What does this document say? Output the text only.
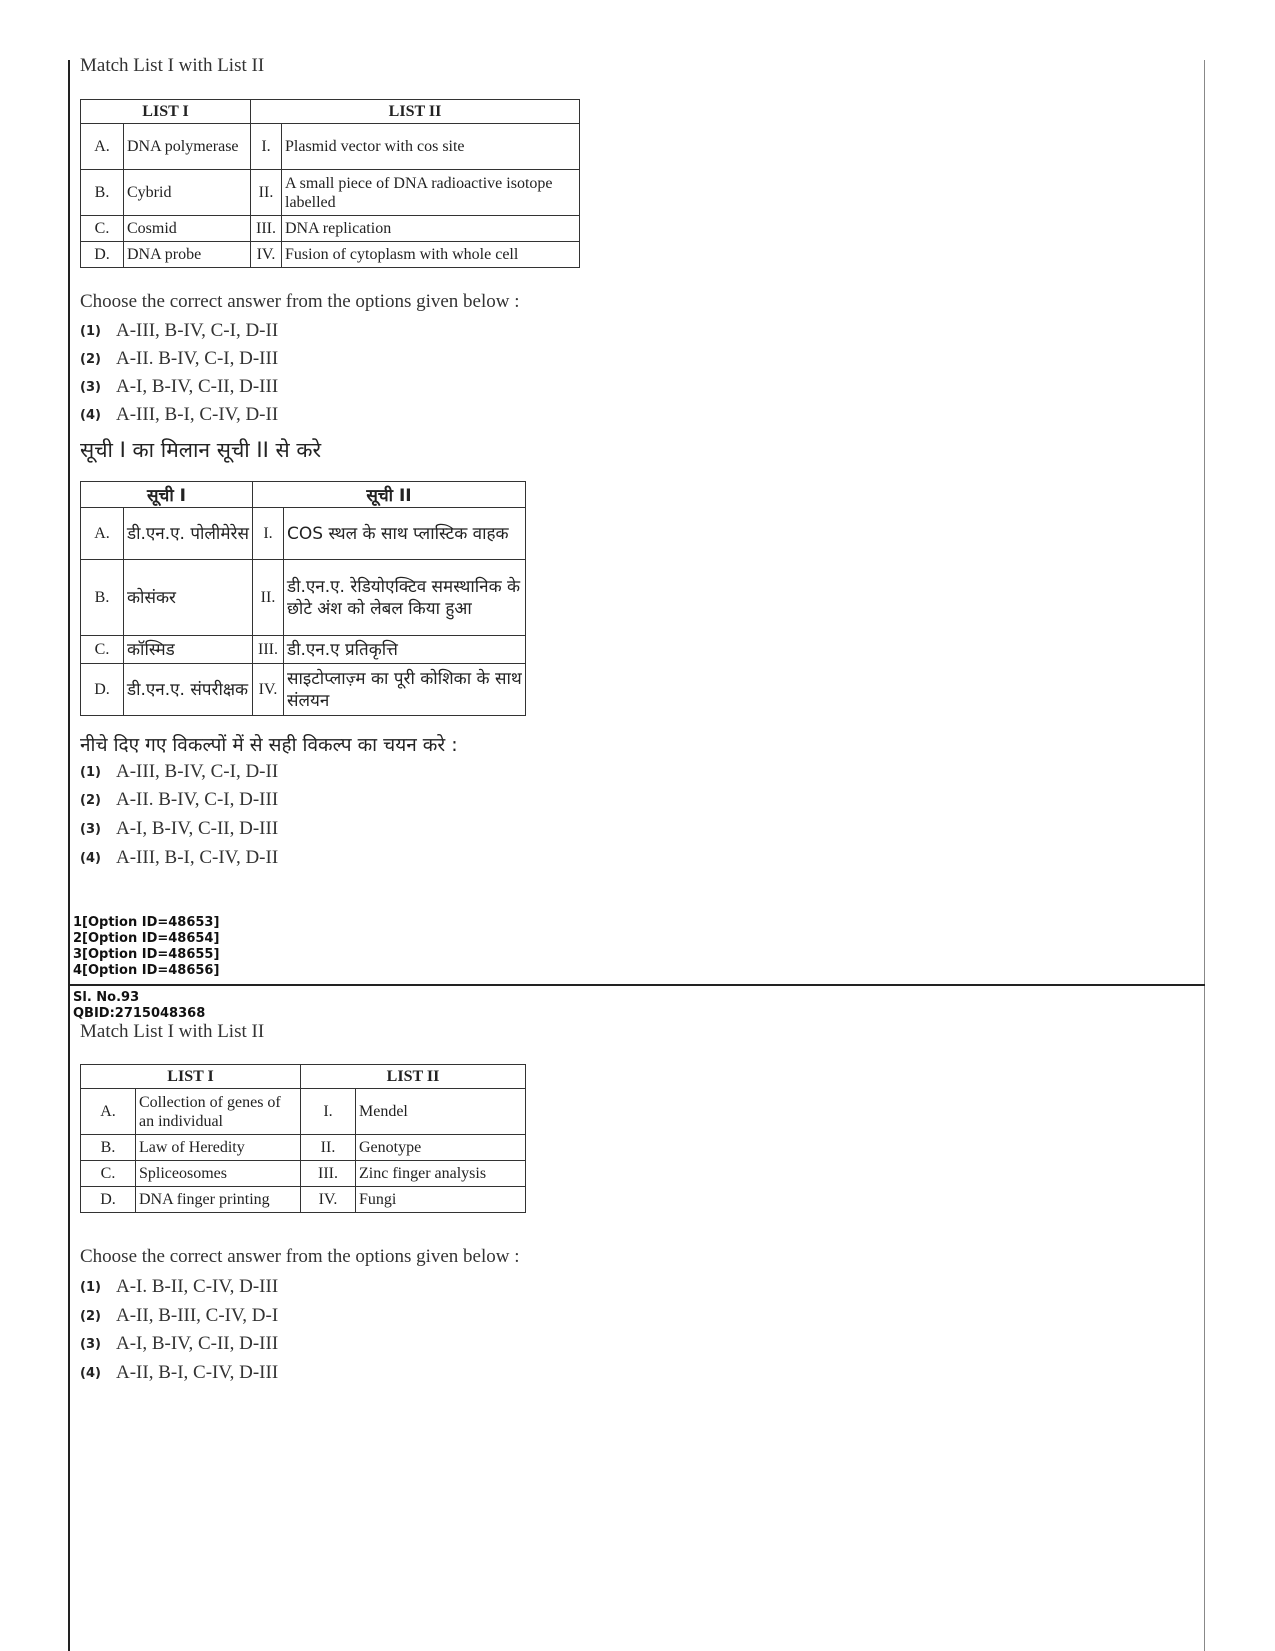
Match List I with List II
LIST I		LIST II	
A.	DNA polymerase	I.	Plasmid vector with cos site
B.	Cybrid	II.	A small piece of DNA radioactive isotope labelled
C.	Cosmid	III.	DNA replication
D.	DNA probe	IV.	Fusion of cytoplasm with whole cell
Choose the correct answer from the options given below :
(1) A-III, B-IV, C-I, D-II
(2) A-II. B-IV, C-I, D-III
(3) A-I, B-IV, C-II, D-III
(4) A-III, B-I, C-IV, D-II
सूची I का मिलान सूची II से करे
सूची I		सूची II	
A.	डी.एन.ए. पोलीमेरेस	I.	COS स्थल के साथ प्लास्टिक वाहक
B.	कोसंकर	II.	डी.एन.ए. रेडियोएक्टिव समस्थानिक के छोटे अंश को लेबल किया हुआ
C.	कॉस्मिड	III.	डी.एन.ए प्रतिकृत्ति
D.	डी.एन.ए. संपरीक्षक	IV.	साइटोप्लाज़्म का पूरी कोशिका के साथ संलयन
नीचे दिए गए विकल्पों में से सही विकल्प का चयन करे :
(1) A-III, B-IV, C-I, D-II
(2) A-II. B-IV, C-I, D-III
(3) A-I, B-IV, C-II, D-III
(4) A-III, B-I, C-IV, D-II
1[Option ID=48653]
2[Option ID=48654]
3[Option ID=48655]
4[Option ID=48656]
Sl. No.93
QBID:2715048368
Match List I with List II
LIST I		LIST II	
A.	Collection of genes of an individual	I.	Mendel
B.	Law of Heredity	II.	Genotype
C.	Spliceosomes	III.	Zinc finger analysis
D.	DNA finger printing	IV.	Fungi
Choose the correct answer from the options given below :
(1) A-I. B-II, C-IV, D-III
(2) A-II, B-III, C-IV, D-I
(3) A-I, B-IV, C-II, D-III
(4) A-II, B-I, C-IV, D-III
